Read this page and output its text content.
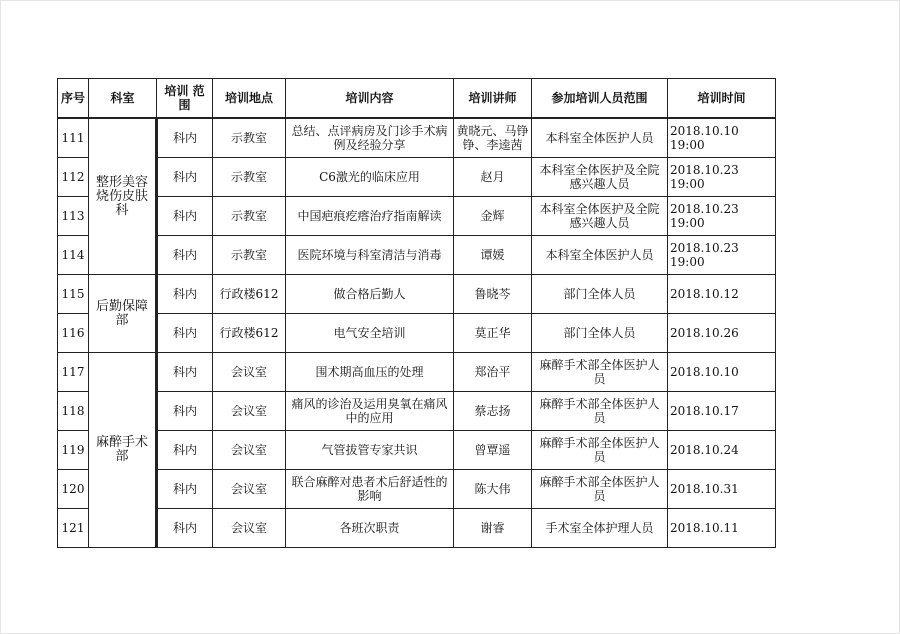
序号	科室	培训 范围	培训地点	培训内容	培训讲师	参加培训人员范围	培训时间
111	整形美容烧伤皮肤科	科内	示教室	总结、点评病房及门诊手术病例及经验分享	黄晓元、马铮铮、李逵茜	本科室全体医护人员	2018.10.10 19:00
112		科内	示教室	C6激光的临床应用	赵月	本科室全体医护及全院感兴趣人员	2018.10.23 19:00
113		科内	示教室	中国疤痕疙瘩治疗指南解读	金辉	本科室全体医护及全院感兴趣人员	2018.10.23 19:00
114		科内	示教室	医院环境与科室清洁与消毒	谭媛	本科室全体医护人员	2018.10.23 19:00
115	后勤保障部	科内	行政楼612	做合格后勤人	鲁晓芩	部门全体人员	2018.10.12
116		科内	行政楼612	电气安全培训	莫正华	部门全体人员	2018.10.26
117	麻醉手术部	科内	会议室	围术期高血压的处理	郑治平	麻醉手术部全体医护人员	2018.10.10
118		科内	会议室	痛风的诊治及运用臭氧在痛风中的应用	蔡志扬	麻醉手术部全体医护人员	2018.10.17
119		科内	会议室	气管拔管专家共识	曾覃遥	麻醉手术部全体医护人员	2018.10.24
120		科内	会议室	联合麻醉对患者术后舒适性的影响	陈大伟	麻醉手术部全体医护人员	2018.10.31
121		科内	会议室	各班次职责	谢睿	手术室全体护理人员	2018.10.11
